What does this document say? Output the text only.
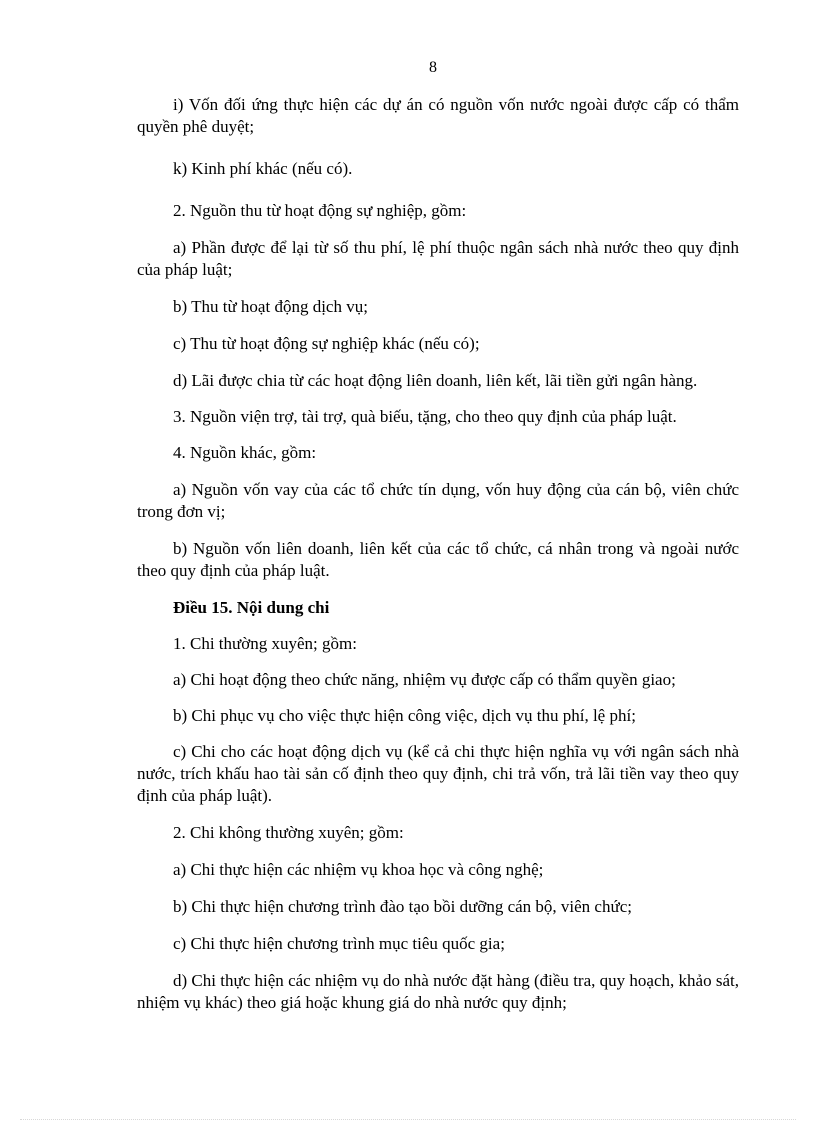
8

i) Vốn đối ứng thực hiện các dự án có nguồn vốn nước ngoài được cấp có thẩm quyền phê duyệt;

k) Kinh phí khác (nếu có).

2. Nguồn thu từ hoạt động sự nghiệp, gồm:

a) Phần được để lại từ số thu phí, lệ phí thuộc ngân sách nhà nước theo quy định của pháp luật;

b) Thu từ hoạt động dịch vụ;

c) Thu từ hoạt động sự nghiệp khác (nếu có);

d) Lãi được chia từ các hoạt động liên doanh, liên kết, lãi tiền gửi ngân hàng.

3. Nguồn viện trợ, tài trợ, quà biếu, tặng, cho theo quy định của pháp luật.

4. Nguồn khác, gồm:

a) Nguồn vốn vay của các tổ chức tín dụng, vốn huy động của cán bộ, viên chức trong đơn vị;

b) Nguồn vốn liên doanh, liên kết của các tổ chức, cá nhân trong và ngoài nước theo quy định của pháp luật.

Điều 15. Nội dung chi

1. Chi thường xuyên; gồm:

a) Chi hoạt động theo chức năng, nhiệm vụ được cấp có thẩm quyền giao;

b) Chi phục vụ cho việc thực hiện công việc, dịch vụ thu phí, lệ phí;

c) Chi cho các hoạt động dịch vụ (kể cả chi thực hiện nghĩa vụ với ngân sách nhà nước, trích khấu hao tài sản cố định theo quy định, chi trả vốn, trả lãi tiền vay theo quy định của pháp luật).

2. Chi không thường xuyên; gồm:

a) Chi thực hiện các nhiệm vụ khoa học và công nghệ;

b) Chi thực hiện chương trình đào tạo bồi dưỡng cán bộ, viên chức;

c) Chi thực hiện chương trình mục tiêu quốc gia;

d) Chi thực hiện các nhiệm vụ do nhà nước đặt hàng (điều tra, quy hoạch, khảo sát, nhiệm vụ khác) theo giá hoặc khung giá do nhà nước quy định;
